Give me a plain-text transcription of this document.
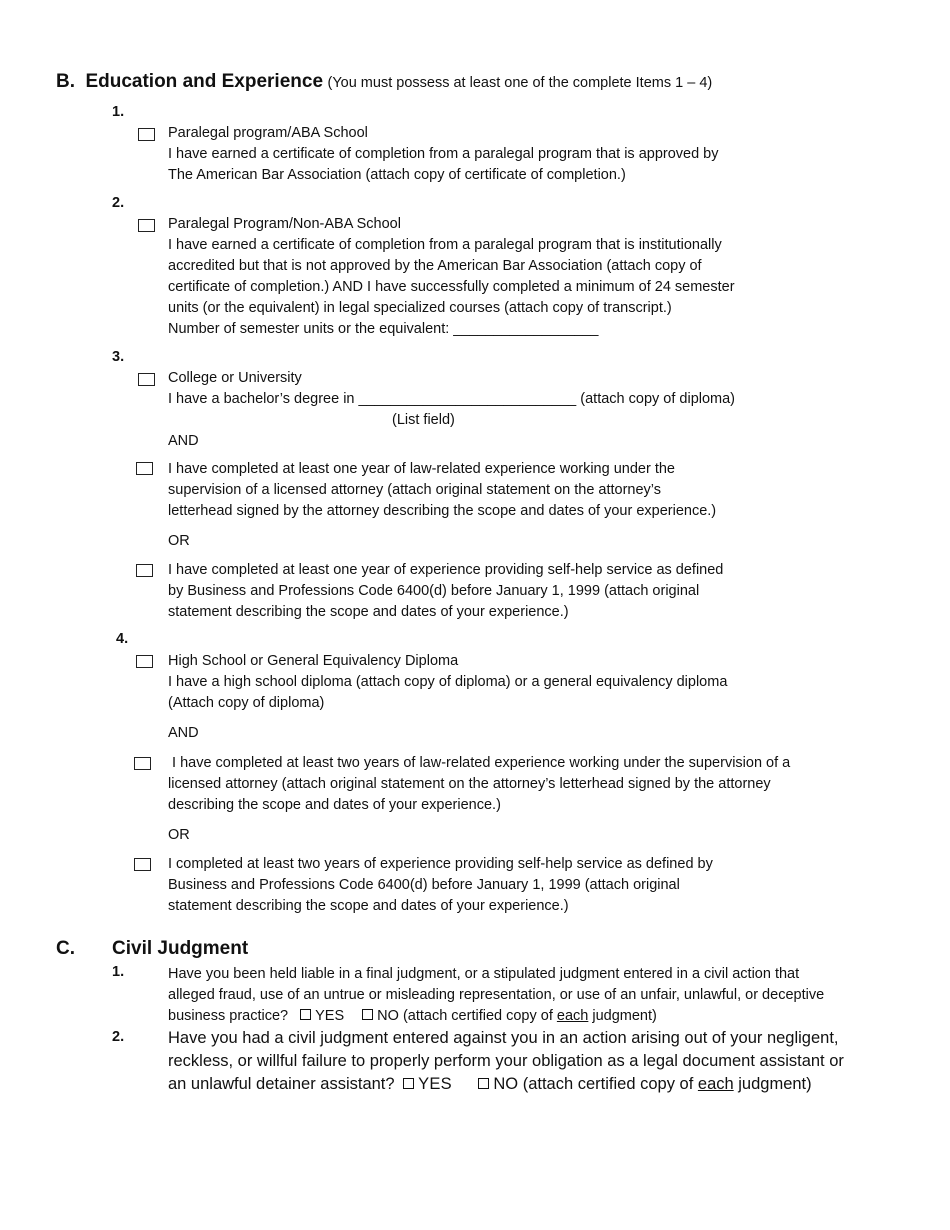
B. Education and Experience (You must possess at least one of the complete Items 1 – 4)
1.
Paralegal program/ABA School
I have earned a certificate of completion from a paralegal program that is approved by
The American Bar Association (attach copy of certificate of completion.)
2.
Paralegal Program/Non-ABA School
I have earned a certificate of completion from a paralegal program that is institutionally
accredited but that is not approved by the American Bar Association (attach copy of
certificate of completion.) AND I have successfully completed a minimum of 24 semester
units (or the equivalent) in legal specialized courses (attach copy of transcript.)
Number of semester units or the equivalent: __________________
3.
College or University
I have a bachelor’s degree in ___________________________ (attach copy of diploma)
(List field)
AND
I have completed at least one year of law-related experience working under the
supervision of a licensed attorney (attach original statement on the attorney’s
letterhead signed by the attorney describing the scope and dates of your experience.)
OR
I have completed at least one year of experience providing self-help service as defined
by Business and Professions Code 6400(d) before January 1, 1999 (attach original
statement describing the scope and dates of your experience.)
4.
High School or General Equivalency Diploma
I have a high school diploma (attach copy of diploma) or a general equivalency diploma
(Attach copy of diploma)
AND
I have completed at least two years of law-related experience working under the supervision of a
licensed attorney (attach original statement on the attorney’s letterhead signed by the attorney
describing the scope and dates of your experience.)
OR
I completed at least two years of experience providing self-help service as defined by
Business and Professions Code 6400(d) before January 1, 1999 (attach original
statement describing the scope and dates of your experience.)
C. Civil Judgment
1.	Have you been held liable in a final judgment, or a stipulated judgment entered in a civil action that
alleged fraud, use of an untrue or misleading representation, or use of an unfair, unlawful, or deceptive
business practice? YES NO (attach certified copy of each judgment)
2.	Have you had a civil judgment entered against you in an action arising out of your negligent,
reckless, or willful failure to properly perform your obligation as a legal document assistant or
an unlawful detainer assistant? YES	NO (attach certified copy of each judgment)
